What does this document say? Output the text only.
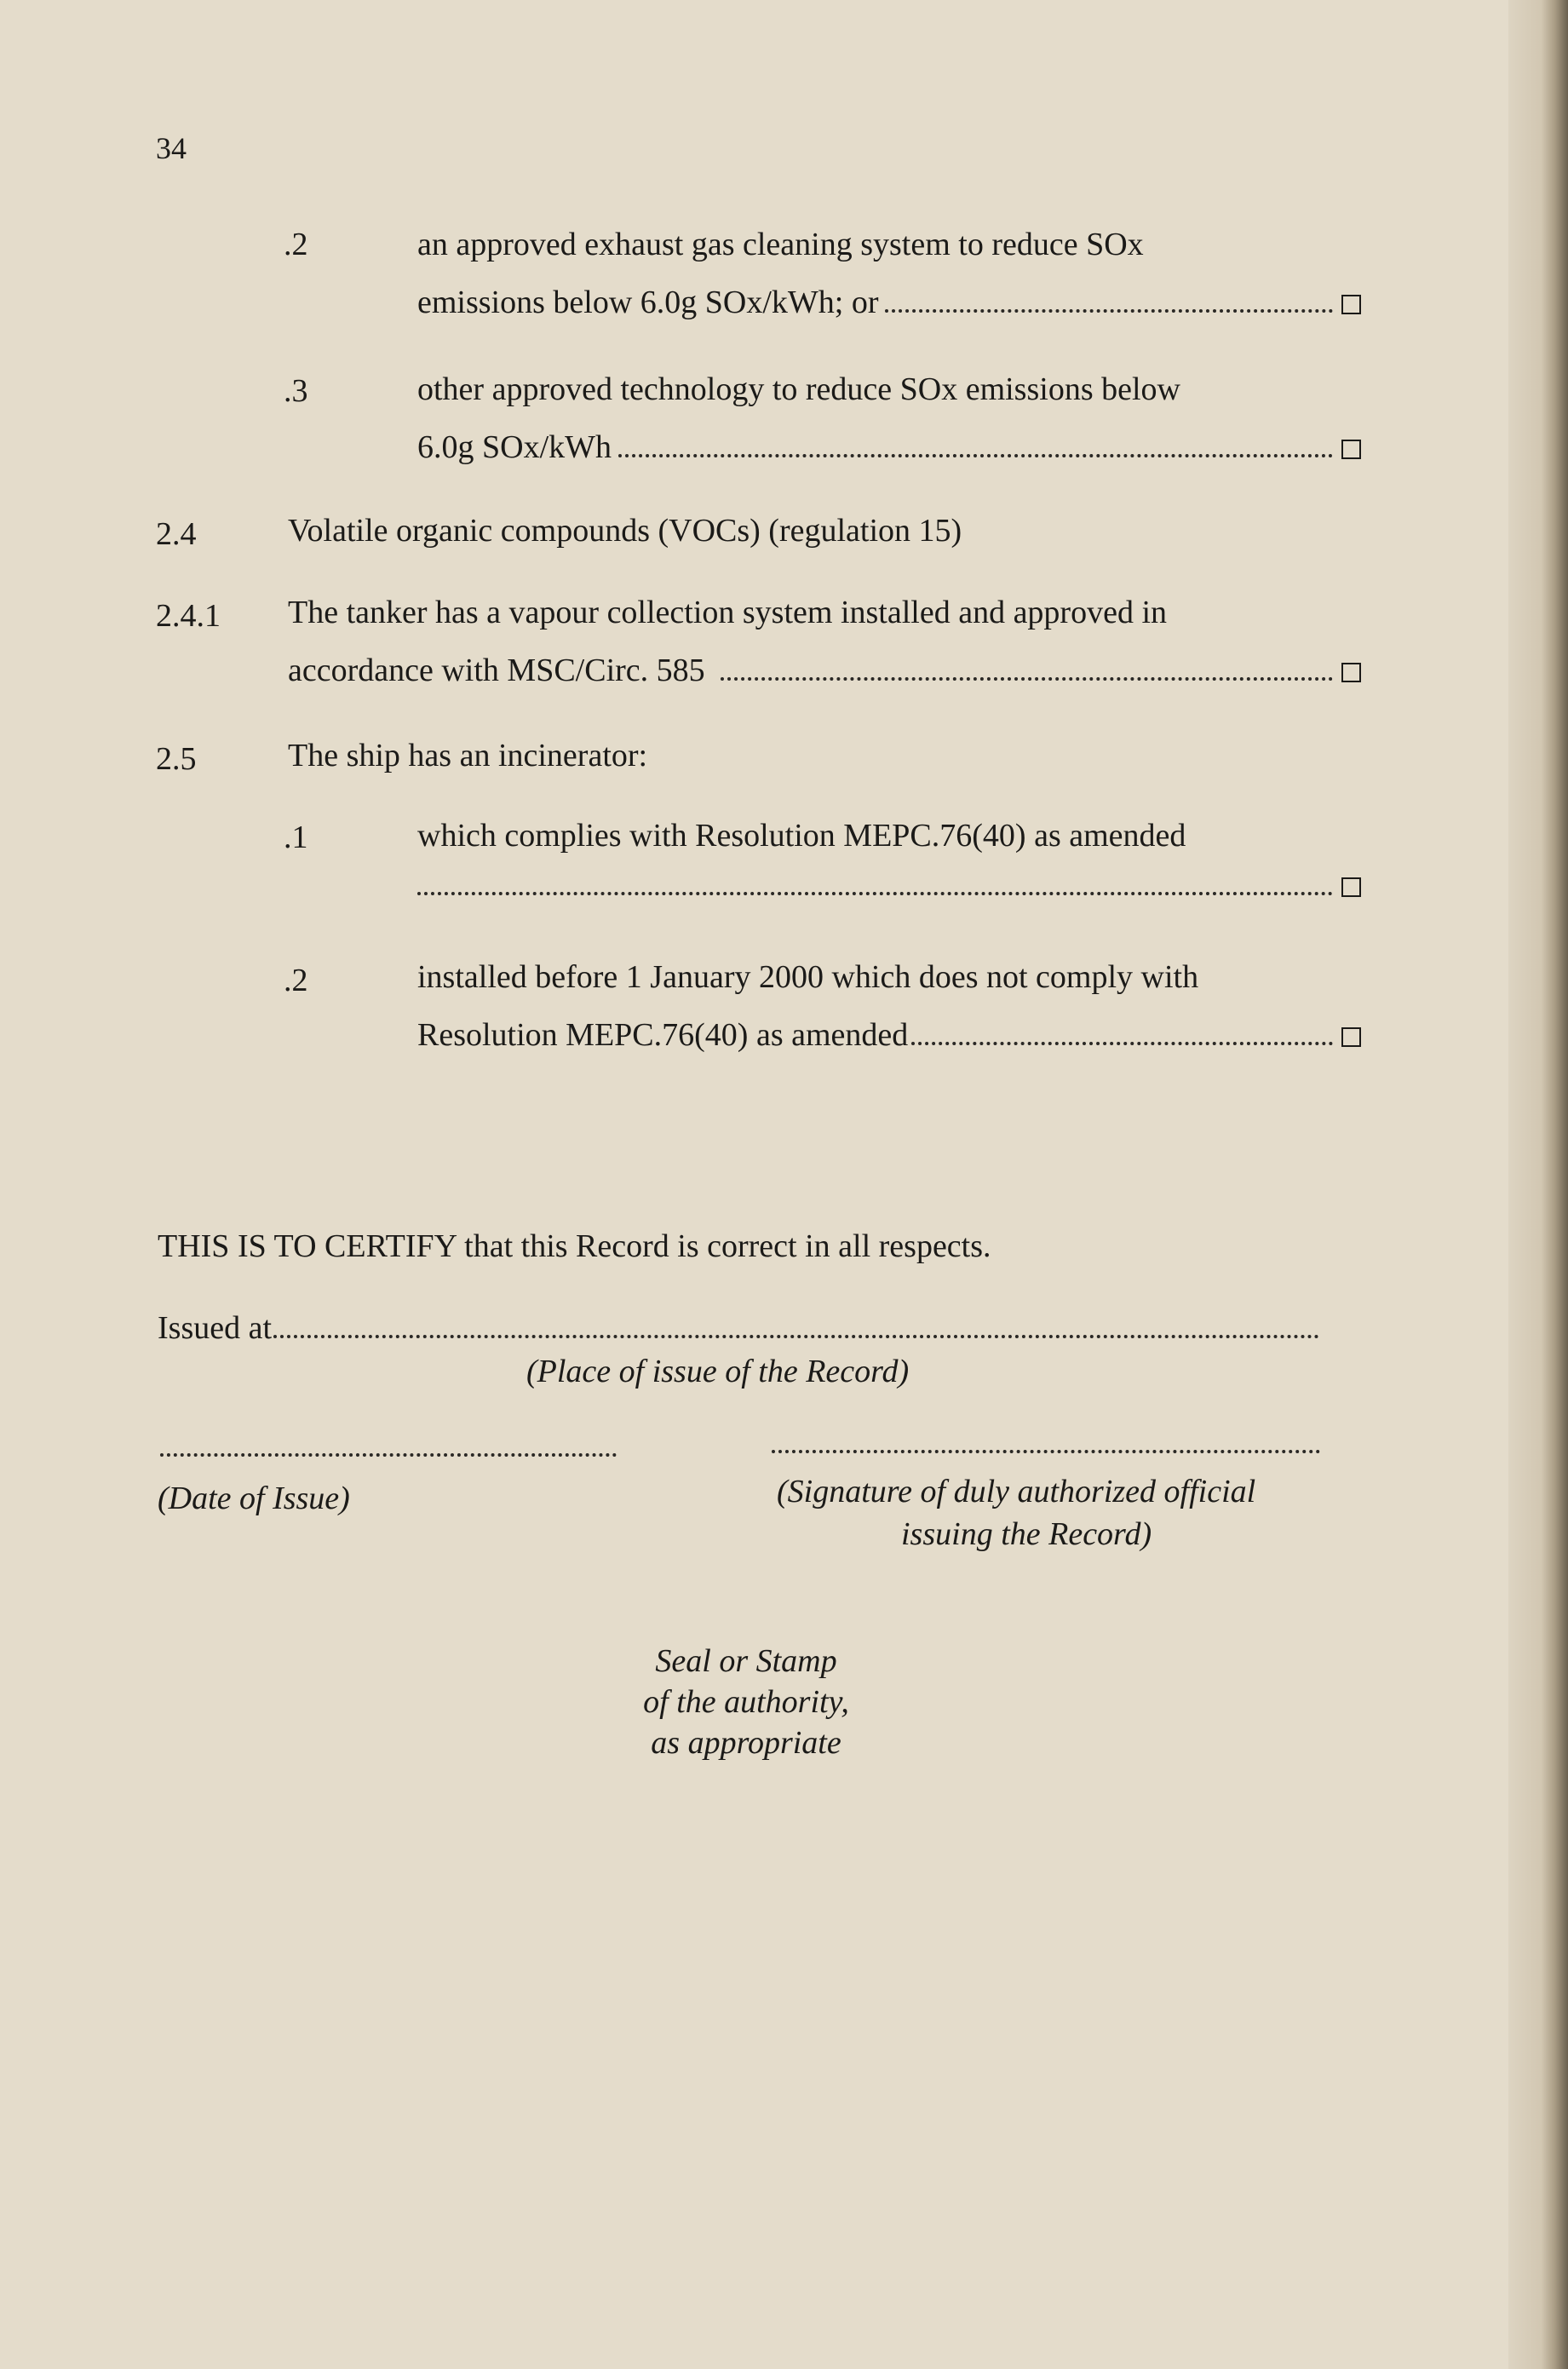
34
.2	an approved exhaust gas cleaning system to reduce SOx
emissions below 6.0g SOx/kWh; or
.3	other approved technology to reduce SOx emissions below
6.0g SOx/kWh
2.4	Volatile organic compounds (VOCs) (regulation 15)
2.4.1 The tanker has a vapour collection system installed and approved in
accordance with MSC/Circ. 585
2.5	The ship has an incinerator:
.1	which complies with Resolution MEPC.76(40) as amended
.2	installed before 1 January 2000 which does not comply with
Resolution MEPC.76(40) as amended
THIS IS TO CERTIFY that this Record is correct in all respects.
Issued at
(Place of issue of the Record)
(Date of Issue)	(Signature of duly authorized official
issuing the Record)
Seal or Stamp
of the authority,
as appropriate
